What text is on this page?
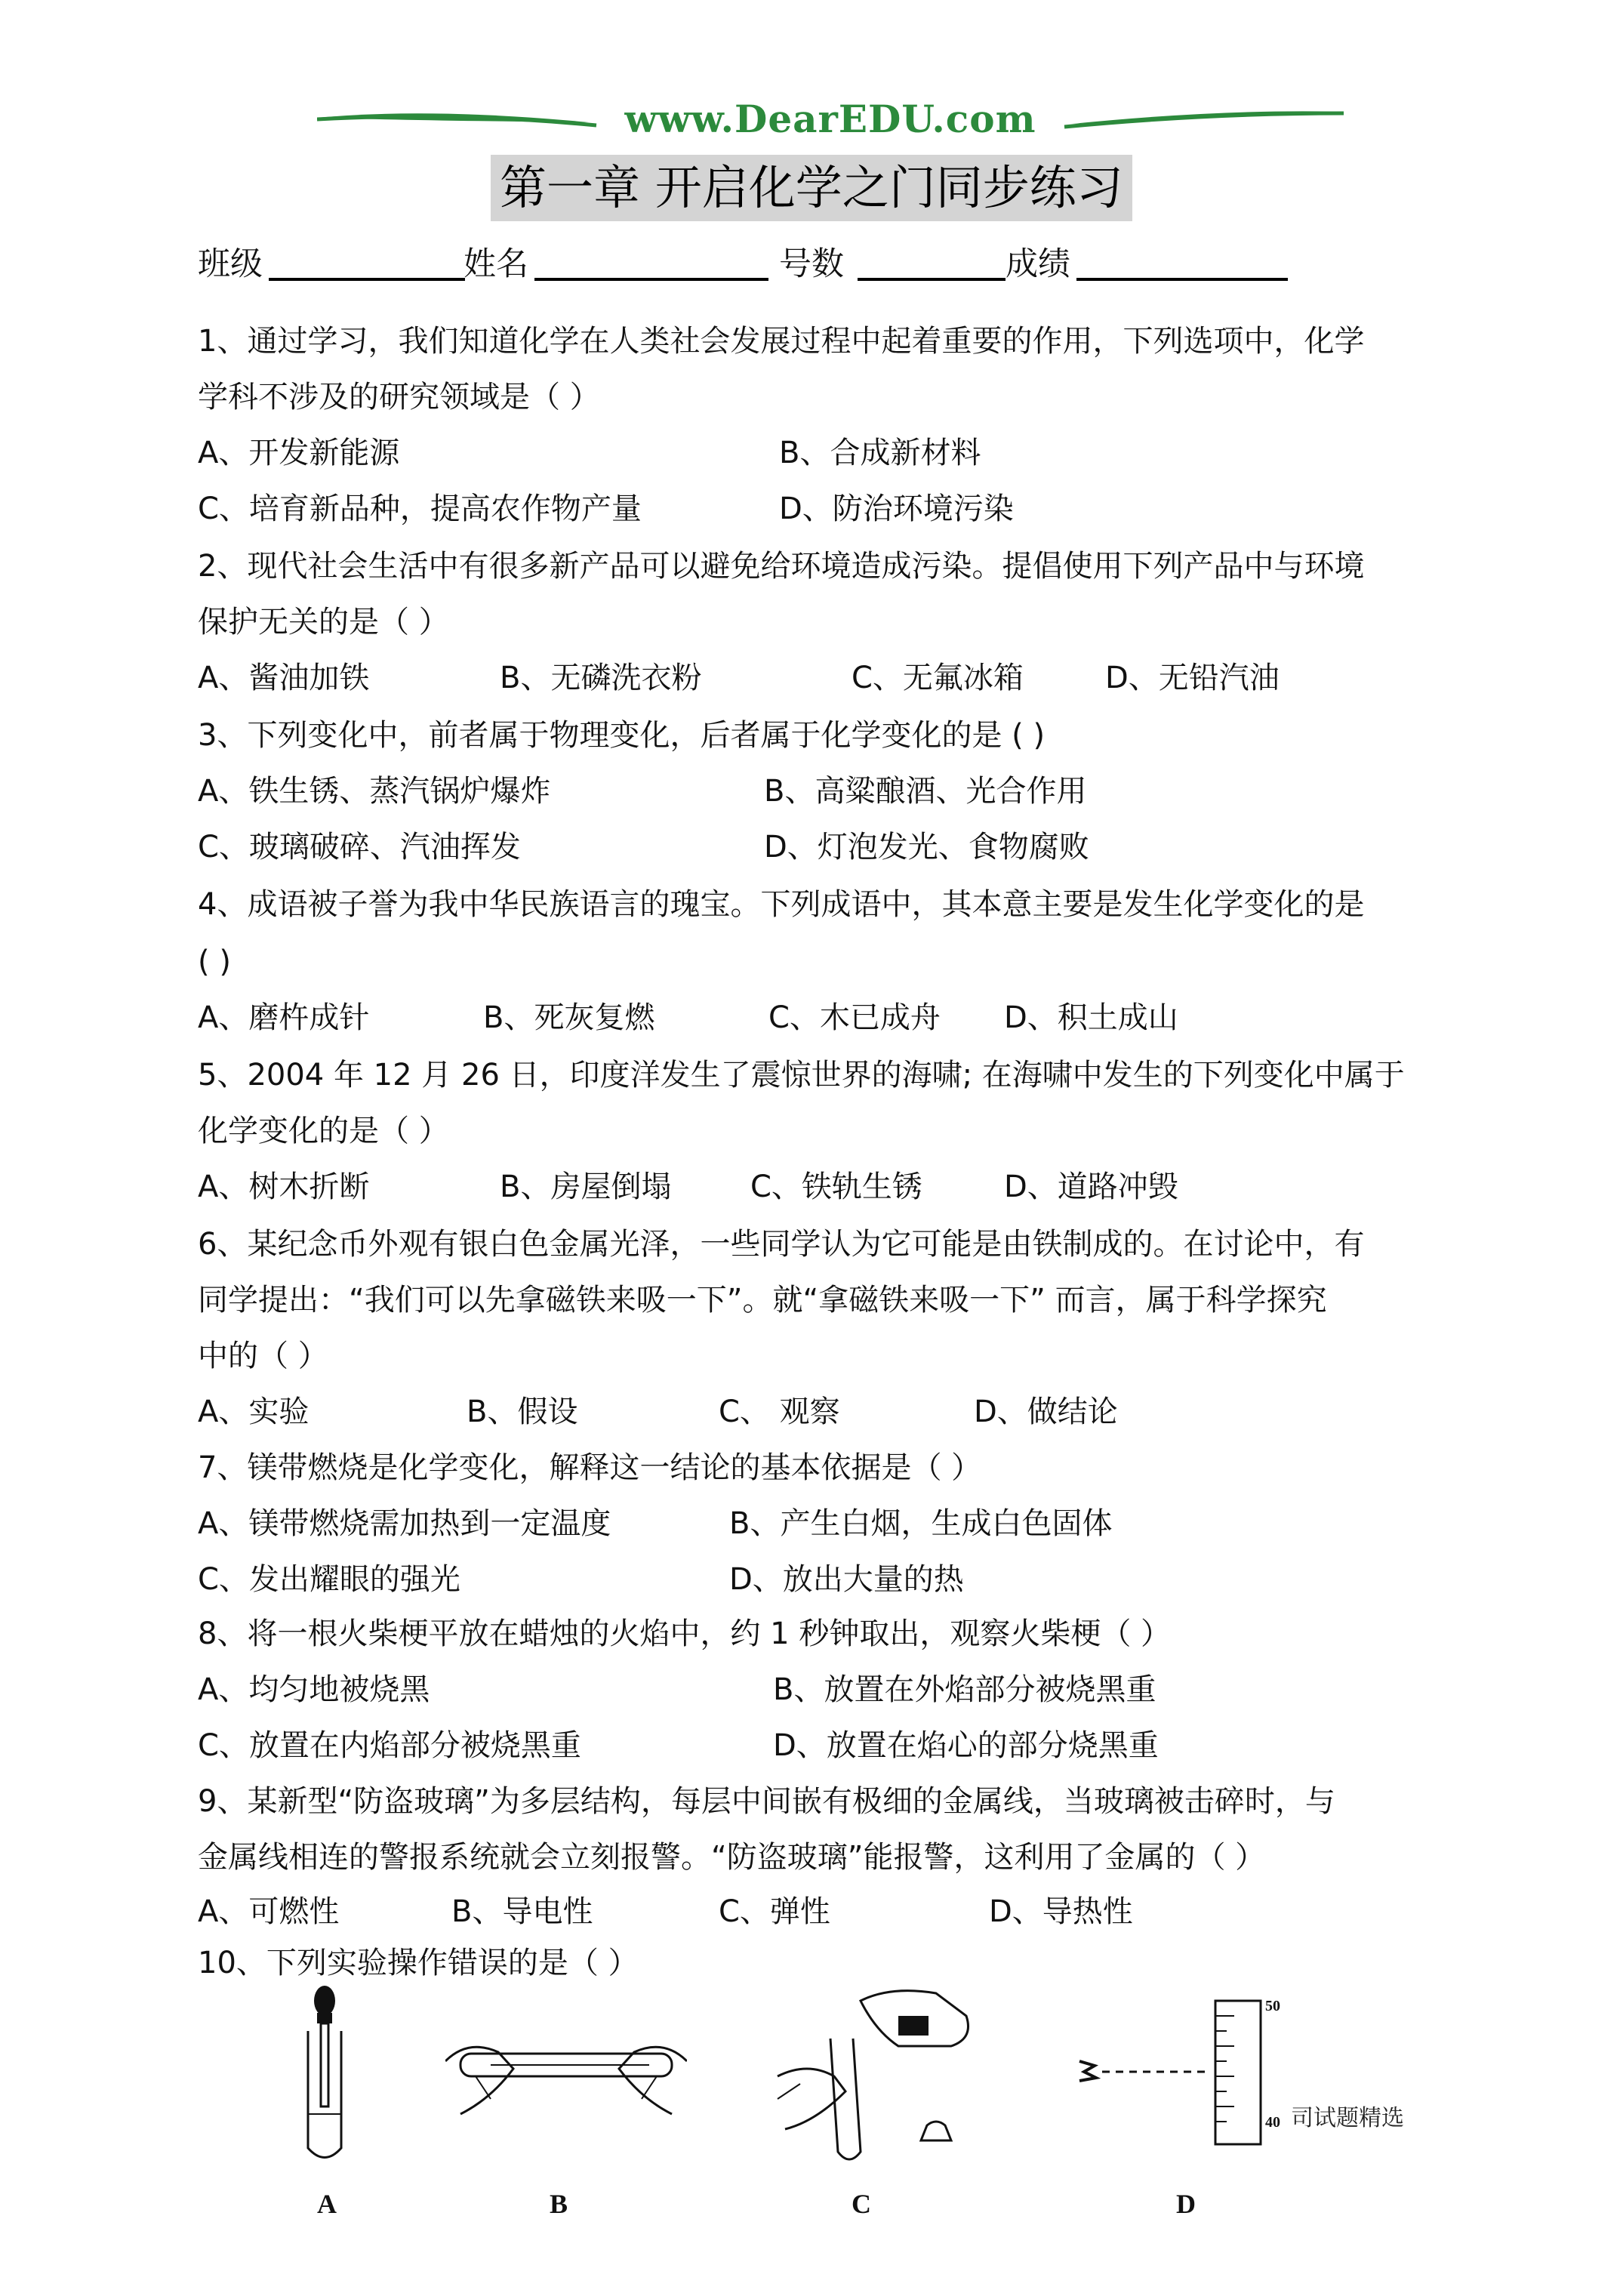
www.DearEDU.com
第一章 开启化学之门同步练习
班级	姓名	号数	成绩
1、通过学习，我们知道化学在人类社会发展过程中起着重要的作用，下列选项中，化学
学科不涉及的研究领域是（ ）
A、开发新能源	B、合成新材料
C、培育新品种，提高农作物产量	D、防治环境污染
2、现代社会生活中有很多新产品可以避免给环境造成污染。提倡使用下列产品中与环境
保护无关的是（ ）
A、酱油加铁	B、无磷洗衣粉	C、无氟冰箱	D、无铅汽油
3、下列变化中，前者属于物理变化，后者属于化学变化的是 ( )
A、铁生锈、蒸汽锅炉爆炸	B、高粱酿酒、光合作用
C、玻璃破碎、汽油挥发	D、灯泡发光、食物腐败
4、成语被子誉为我中华民族语言的瑰宝。下列成语中，其本意主要是发生化学变化的是
( )
A、磨杵成针	B、死灰复燃	C、木已成舟 D、积土成山
5、2004 年 12 月 26 日，印度洋发生了震惊世界的海啸; 在海啸中发生的下列变化中属于
化学变化的是（ ）
A、树木折断	B、房屋倒塌	C、铁轨生锈	D、道路冲毁
6、某纪念币外观有银白色金属光泽，一些同学认为它可能是由铁制成的。在讨论中，有
同学提出：“我们可以先拿磁铁来吸一下”。就“拿磁铁来吸一下” 而言，属于科学探究
中的（ ）
A、实验	B、假设	C、 观察	D、做结论
7、镁带燃烧是化学变化，解释这一结论的基本依据是（ ）
A、镁带燃烧需加热到一定温度	B、产生白烟，生成白色固体
C、发出耀眼的强光	D、放出大量的热
8、将一根火柴梗平放在蜡烛的火焰中，约 1 秒钟取出，观察火柴梗（ ）
A、均匀地被烧黑	B、放置在外焰部分被烧黑重
C、放置在内焰部分被烧黑重	D、放置在焰心的部分烧黑重
9、某新型“防盗玻璃”为多层结构，每层中间嵌有极细的金属线，当玻璃被击碎时，与
金属线相连的警报系统就会立刻报警。“防盗玻璃”能报警，这利用了金属的（ ）
A、可燃性	B、导电性	C、弹性	D、导热性
10、下列实验操作错误的是（ ）
A	B	C
50
40 司试题精选
D
